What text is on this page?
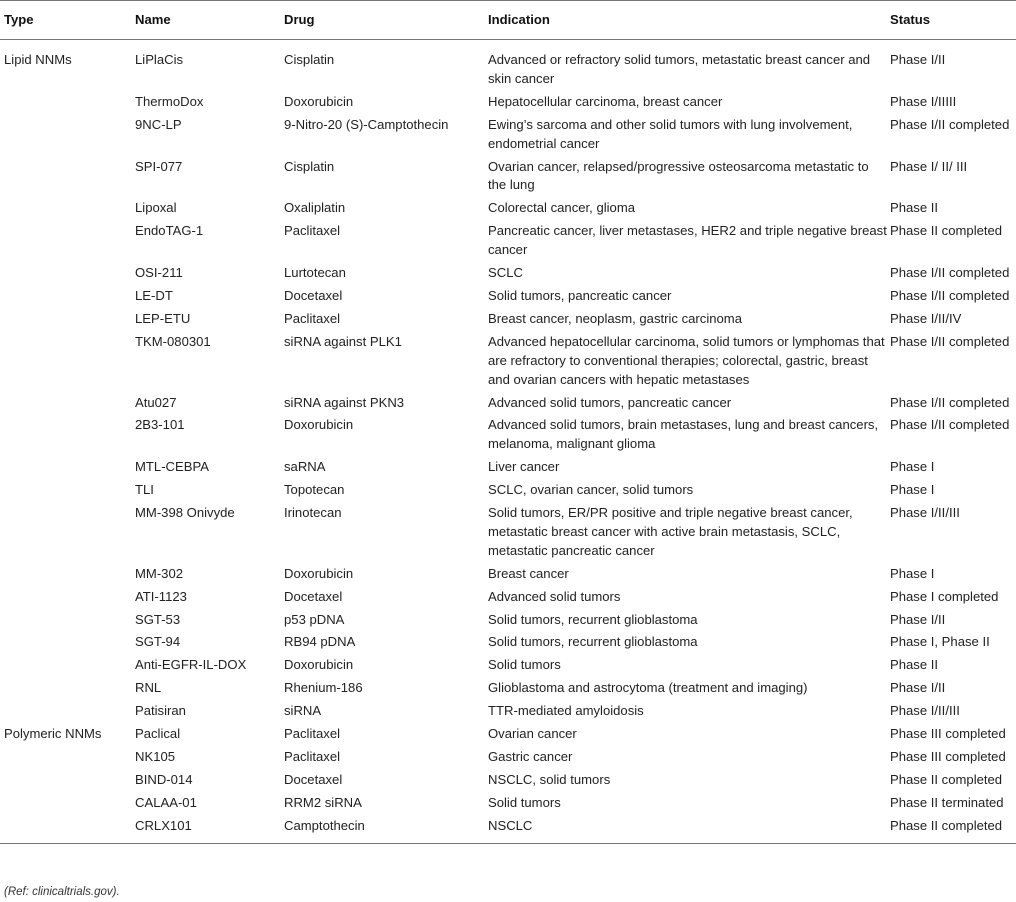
Type	Name	Drug	Indication	Status
Lipid NNMs	LiPlaCis	Cisplatin	Advanced or refractory solid tumors, metastatic breast cancer and skin cancer	Phase I/II
	ThermoDox	Doxorubicin	Hepatocellular carcinoma, breast cancer	Phase I/IIIII
	9NC-LP	9-Nitro-20 (S)-Camptothecin	Ewing’s sarcoma and other solid tumors with lung involvement, endometrial cancer	Phase I/II completed
	SPI-077	Cisplatin	Ovarian cancer, relapsed/progressive osteosarcoma metastatic to the lung	Phase I/ II/ III
	Lipoxal	Oxaliplatin	Colorectal cancer, glioma	Phase II
	EndoTAG-1	Paclitaxel	Pancreatic cancer, liver metastases, HER2 and triple negative breast cancer	Phase II completed
	OSI-211	Lurtotecan	SCLC	Phase I/II completed
	LE-DT	Docetaxel	Solid tumors, pancreatic cancer	Phase I/II completed
	LEP-ETU	Paclitaxel	Breast cancer, neoplasm, gastric carcinoma	Phase I/II/IV
	TKM-080301	siRNA against PLK1	Advanced hepatocellular carcinoma, solid tumors or lymphomas that are refractory to conventional therapies; colorectal, gastric, breast and ovarian cancers with hepatic metastases	Phase I/II completed
	Atu027	siRNA against PKN3	Advanced solid tumors, pancreatic cancer	Phase I/II completed
	2B3-101	Doxorubicin	Advanced solid tumors, brain metastases, lung and breast cancers, melanoma, malignant glioma	Phase I/II completed
	MTL-CEBPA	saRNA	Liver cancer	Phase I
	TLI	Topotecan	SCLC, ovarian cancer, solid tumors	Phase I
	MM-398 Onivyde	Irinotecan	Solid tumors, ER/PR positive and triple negative breast cancer, metastatic breast cancer with active brain metastasis, SCLC, metastatic pancreatic cancer	Phase I/II/III
	MM-302	Doxorubicin	Breast cancer	Phase I
	ATI-1123	Docetaxel	Advanced solid tumors	Phase I completed
	SGT-53	p53 pDNA	Solid tumors, recurrent glioblastoma	Phase I/II
	SGT-94	RB94 pDNA	Solid tumors, recurrent glioblastoma	Phase I, Phase II
	Anti-EGFR-IL-DOX	Doxorubicin	Solid tumors	Phase II
	RNL	Rhenium-186	Glioblastoma and astrocytoma (treatment and imaging)	Phase I/II
	Patisiran	siRNA	TTR-mediated amyloidosis	Phase I/II/III
Polymeric NNMs	Paclical	Paclitaxel	Ovarian cancer	Phase III completed
	NK105	Paclitaxel	Gastric cancer	Phase III completed
	BIND-014	Docetaxel	NSCLC, solid tumors	Phase II completed
	CALAA-01	RRM2 siRNA	Solid tumors	Phase II terminated
	CRLX101	Camptothecin	NSCLC	Phase II completed
(Ref: clinicaltrials.gov).
